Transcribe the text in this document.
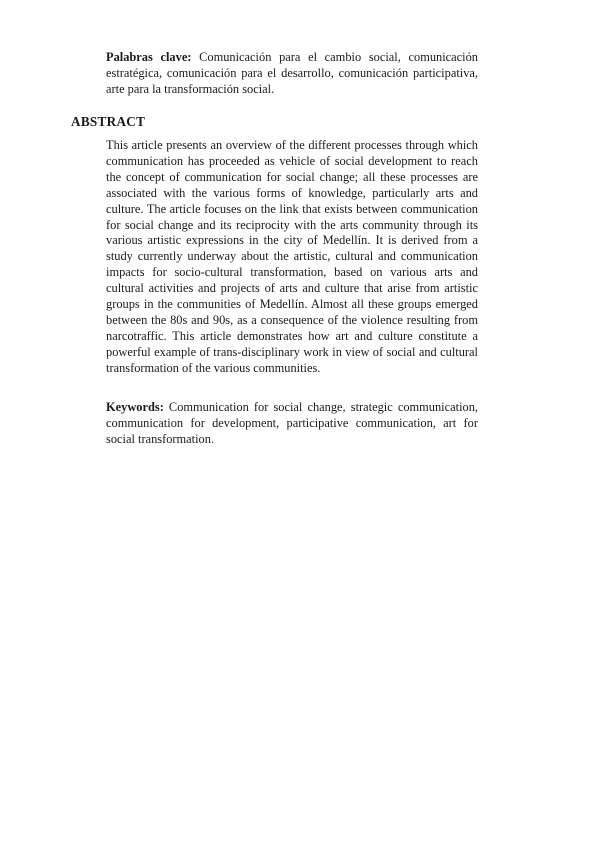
Palabras clave: Comunicación para el cambio social, comunicación estratégica, comunicación para el desarrollo, comunicación participativa, arte para la transformación social.

ABSTRACT

This article presents an overview of the different processes through which communication has proceeded as vehicle of social development to reach the concept of communication for social change; all these processes are associated with the various forms of knowledge, particularly arts and culture. The article focuses on the link that exists between communication for social change and its reciprocity with the arts community through its various artistic expressions in the city of Medellín. It is derived from a study currently underway about the artistic, cultural and communication impacts for socio-cultural transformation, based on various arts and cultural activities and projects of arts and culture that arise from artistic groups in the communities of Medellín. Almost all these groups emerged between the 80s and 90s, as a consequence of the violence resulting from narcotraffic. This article demonstrates how art and culture constitute a powerful example of trans-disciplinary work in view of social and cultural transformation of the various communities.

Keywords: Communication for social change, strategic communication, communication for development, participative communication, art for social transformation.
